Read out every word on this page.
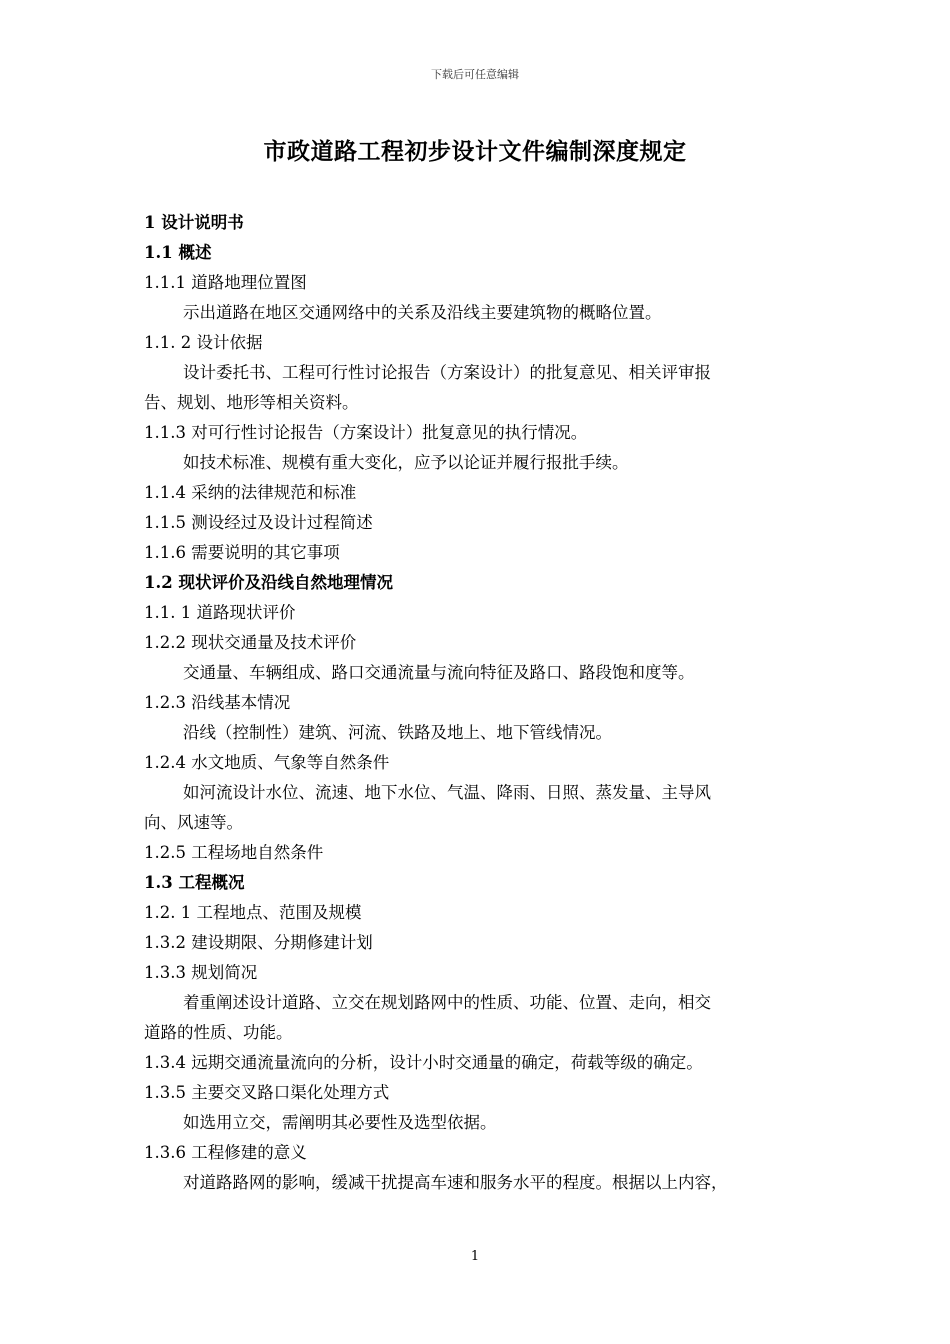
下载后可任意编辑
市政道路工程初步设计文件编制深度规定
1 设计说明书
1.1 概述
1.1.1 道路地理位置图
示出道路在地区交通网络中的关系及沿线主要建筑物的概略位置。
1.1. 2 设计依据
设计委托书、工程可行性讨论报告（方案设计）的批复意见、相关评审报
告、规划、地形等相关资料。
1.1.3 对可行性讨论报告（方案设计）批复意见的执行情况。
如技术标准、规模有重大变化，应予以论证并履行报批手续。
1.1.4 采纳的法律规范和标准
1.1.5 测设经过及设计过程简述
1.1.6 需要说明的其它事项
1.2 现状评价及沿线自然地理情况
1.1. 1 道路现状评价
1.2.2 现状交通量及技术评价
交通量、车辆组成、路口交通流量与流向特征及路口、路段饱和度等。
1.2.3 沿线基本情况
沿线（控制性）建筑、河流、铁路及地上、地下管线情况。
1.2.4 水文地质、气象等自然条件
如河流设计水位、流速、地下水位、气温、降雨、日照、蒸发量、主导风
向、风速等。
1.2.5 工程场地自然条件
1.3 工程概况
1.2. 1 工程地点、范围及规模
1.3.2 建设期限、分期修建计划
1.3.3 规划简况
着重阐述设计道路、立交在规划路网中的性质、功能、位置、走向，相交
道路的性质、功能。
1.3.4 远期交通流量流向的分析，设计小时交通量的确定，荷载等级的确定。
1.3.5 主要交叉路口渠化处理方式
如选用立交，需阐明其必要性及选型依据。
1.3.6 工程修建的意义
对道路路网的影响，缓减干扰提高车速和服务水平的程度。根据以上内容，
1
